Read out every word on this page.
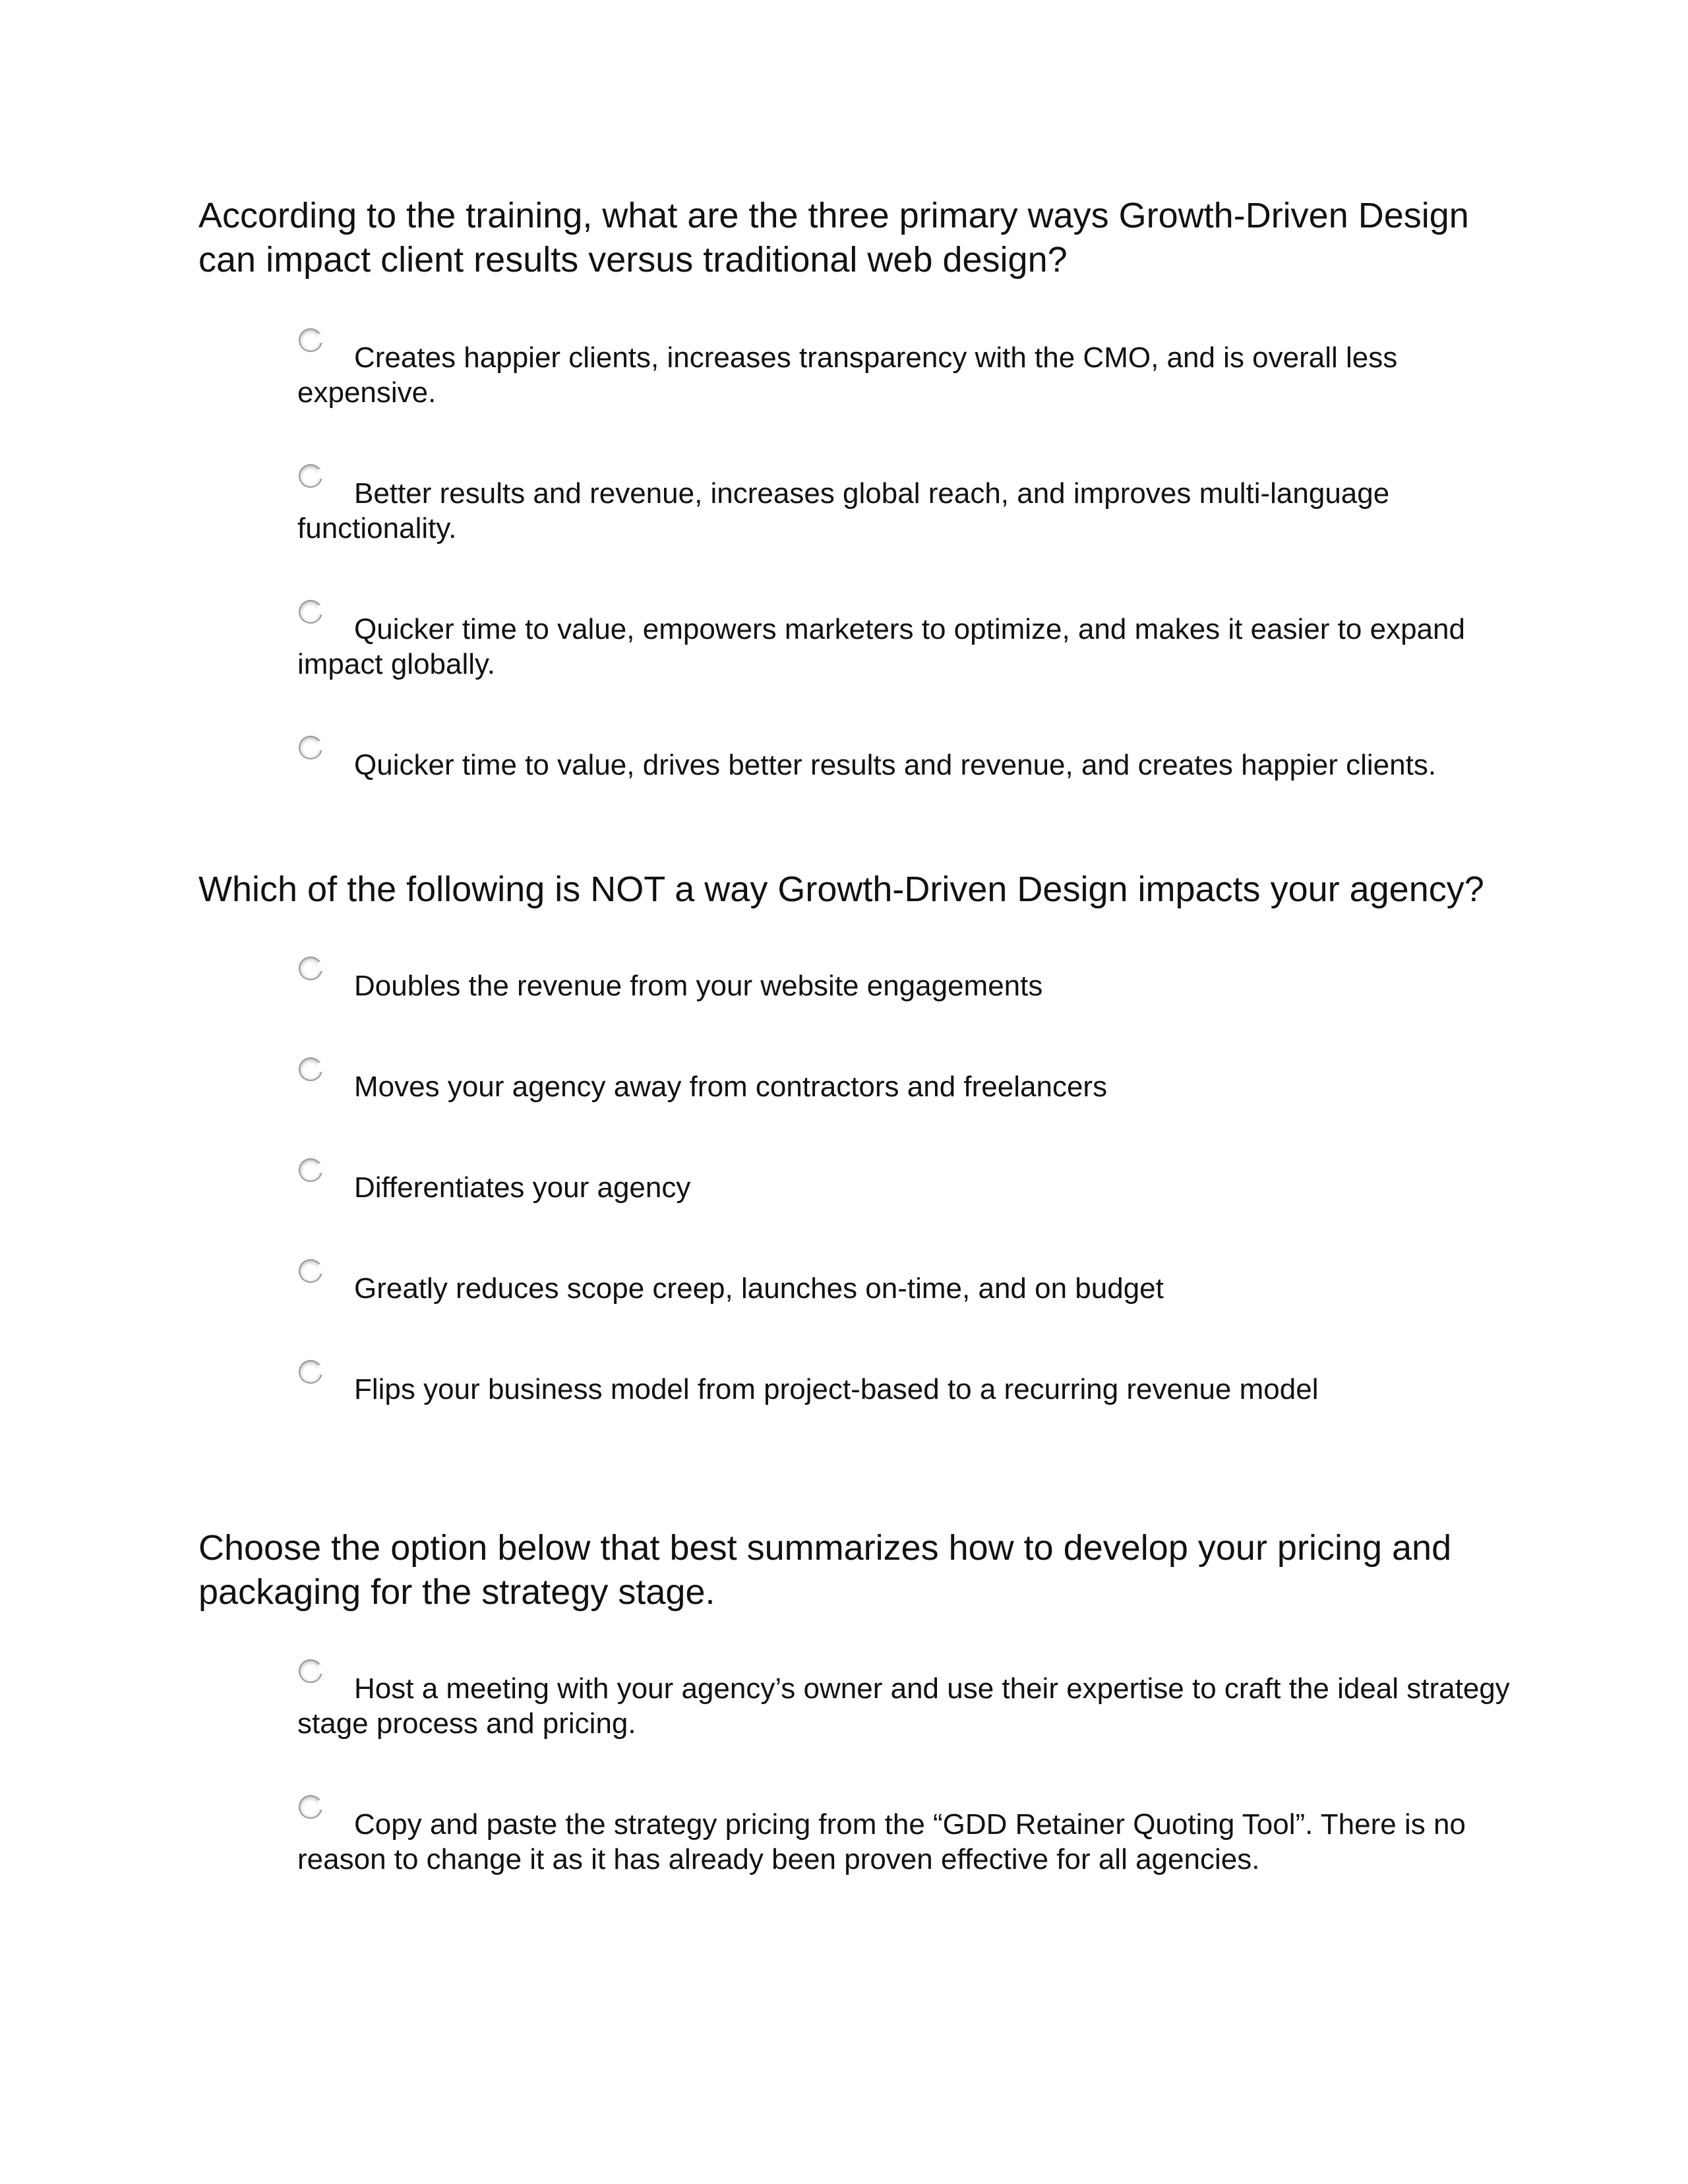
According to the training, what are the three primary ways Growth-Driven Design can impact client results versus traditional web design?

Creates happier clients, increases transparency with the CMO, and is overall less expensive.
Better results and revenue, increases global reach, and improves multi-language functionality.
Quicker time to value, empowers marketers to optimize, and makes it easier to expand impact globally.
Quicker time to value, drives better results and revenue, and creates happier clients.

Which of the following is NOT a way Growth-Driven Design impacts your agency?

Doubles the revenue from your website engagements
Moves your agency away from contractors and freelancers
Differentiates your agency
Greatly reduces scope creep, launches on-time, and on budget
Flips your business model from project-based to a recurring revenue model

Choose the option below that best summarizes how to develop your pricing and packaging for the strategy stage.

Host a meeting with your agency’s owner and use their expertise to craft the ideal strategy stage process and pricing.
Copy and paste the strategy pricing from the “GDD Retainer Quoting Tool”. There is no reason to change it as it has already been proven effective for all agencies.
